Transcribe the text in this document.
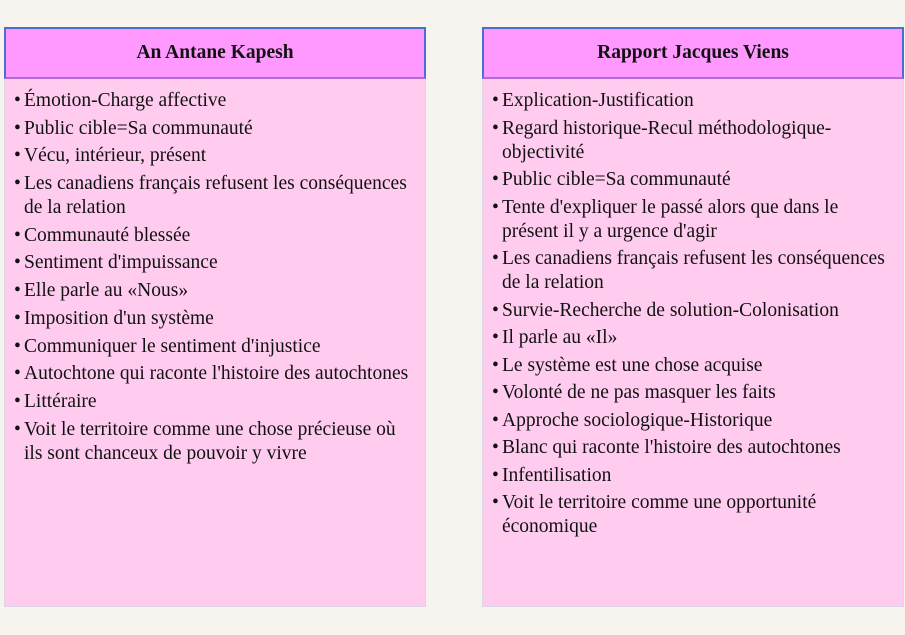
An Antane Kapesh
• Émotion-Charge affective
• Public cible=Sa communauté
• Vécu, intérieur, présent
• Les canadiens français refusent les conséquences de la relation
• Communauté blessée
• Sentiment d'impuissance
• Elle parle au «Nous»
• Imposition d'un système
• Communiquer le sentiment d'injustice
• Autochtone qui raconte l'histoire des autochtones
• Littéraire
• Voit le territoire comme une chose précieuse où ils sont chanceux de pouvoir y vivre
Rapport Jacques Viens
• Explication-Justification
• Regard historique-Recul méthodologique-objectivité
• Public cible=Sa communauté
• Tente d'expliquer le passé alors que dans le présent il y a urgence d'agir
• Les canadiens français refusent les conséquences de la relation
• Survie-Recherche de solution-Colonisation
• Il parle au «Il»
• Le système est une chose acquise
• Volonté de ne pas masquer les faits
• Approche sociologique-Historique
• Blanc qui raconte l'histoire des autochtones
• Infentilisation
• Voit le territoire comme une opportunité économique
